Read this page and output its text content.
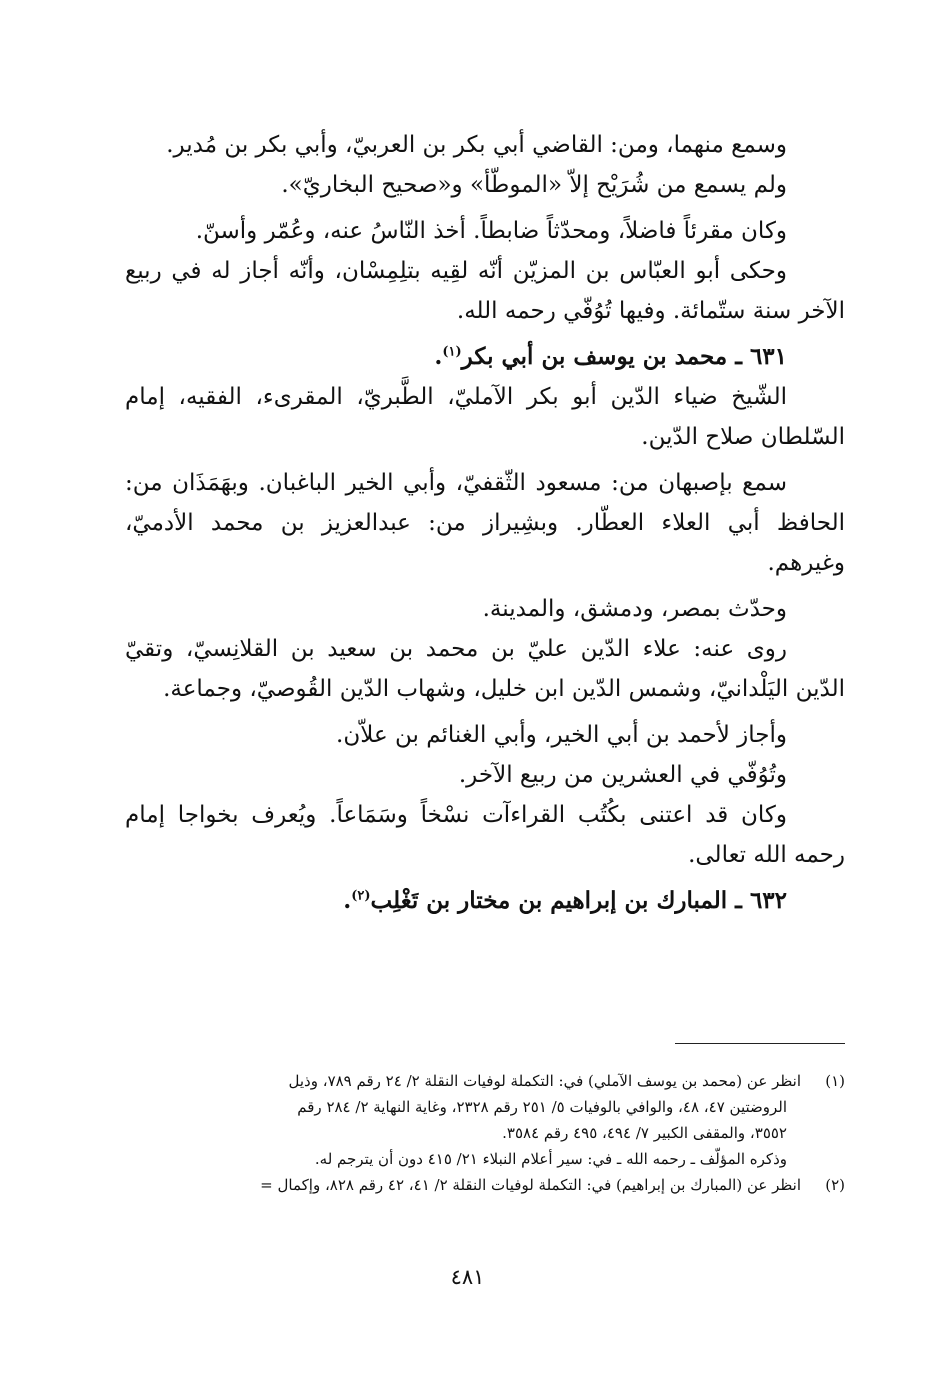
وسمع منهما، ومن: القاضي أبي بكر بن العربيّ، وأبي بكر بن مُدير.
ولم يسمع من شُرَيْح إلاّ «الموطّأ» و«صحيح البخاريّ».
وكان مقرئاً فاضلاً، ومحدّثاً ضابطاً. أخذ النّاسُ عنه، وعُمّر وأسنّ.
وحكى أبو العبّاس بن المزيّن أنّه لقِيه بتلِمِسْان، وأنّه أجاز له في ربيع
الآخر سنة ستّمائة. وفيها تُوُفّي رحمه الله.
٦٣١ ـ محمد بن يوسف بن أبي بكر$^{(١)}$.
الشّيخ ضياء الدّين أبو بكر الآمليّ، الطَّبريّ، المقرىء، الفقيه، إمام
السّلطان صلاح الدّين.
سمع بإصبهان من: مسعود الثّقفيّ، وأبي الخير الباغبان. وبهَمَذَان من:
الحافظ أبي العلاء العطّار. وبشِيراز من: عبدالعزيز بن محمد الأدميّ،
وغيرهم.
وحدّث بمصر، ودمشق، والمدينة.
روى عنه: علاء الدّين عليّ بن محمد بن سعيد بن القلانِسيّ، وتقيّ
الدّين اليَلْدانيّ، وشمس الدّين ابن خليل، وشهاب الدّين القُوصيّ، وجماعة.
وأجاز لأحمد بن أبي الخير، وأبي الغنائم بن علاّن.
وتُوُفّي في العشرين من ربيع الآخر.
وكان قد اعتنى بكُتُب القراءآت نسْخاً وسَمَاعاً. ويُعرف بخواجا إمام
رحمه الله تعالى.
٦٣٢ ـ المبارك بن إبراهيم بن مختار بن تَغْلِب$^{(٢)}$.
(١)انظر عن (محمد بن يوسف الآملي) في: التكملة لوفيات النقلة ٢/ ٢٤ رقم ٧٨٩، وذيل
الروضتين ٤٧، ٤٨، والوافي بالوفيات ٥/ ٢٥١ رقم ٢٣٢٨، وغاية النهاية ٢/ ٢٨٤ رقم
٣٥٥٢، والمقفى الكبير ٧/ ٤٩٤، ٤٩٥ رقم ٣٥٨٤.
وذكره المؤلّف ـ رحمه الله ـ في: سير أعلام النبلاء ٢١/ ٤١٥ دون أن يترجم له.
(٢)انظر عن (المبارك بن إبراهيم) في: التكملة لوفيات النقلة ٢/ ٤١، ٤٢ رقم ٨٢٨، وإكمال =
٤٨١
